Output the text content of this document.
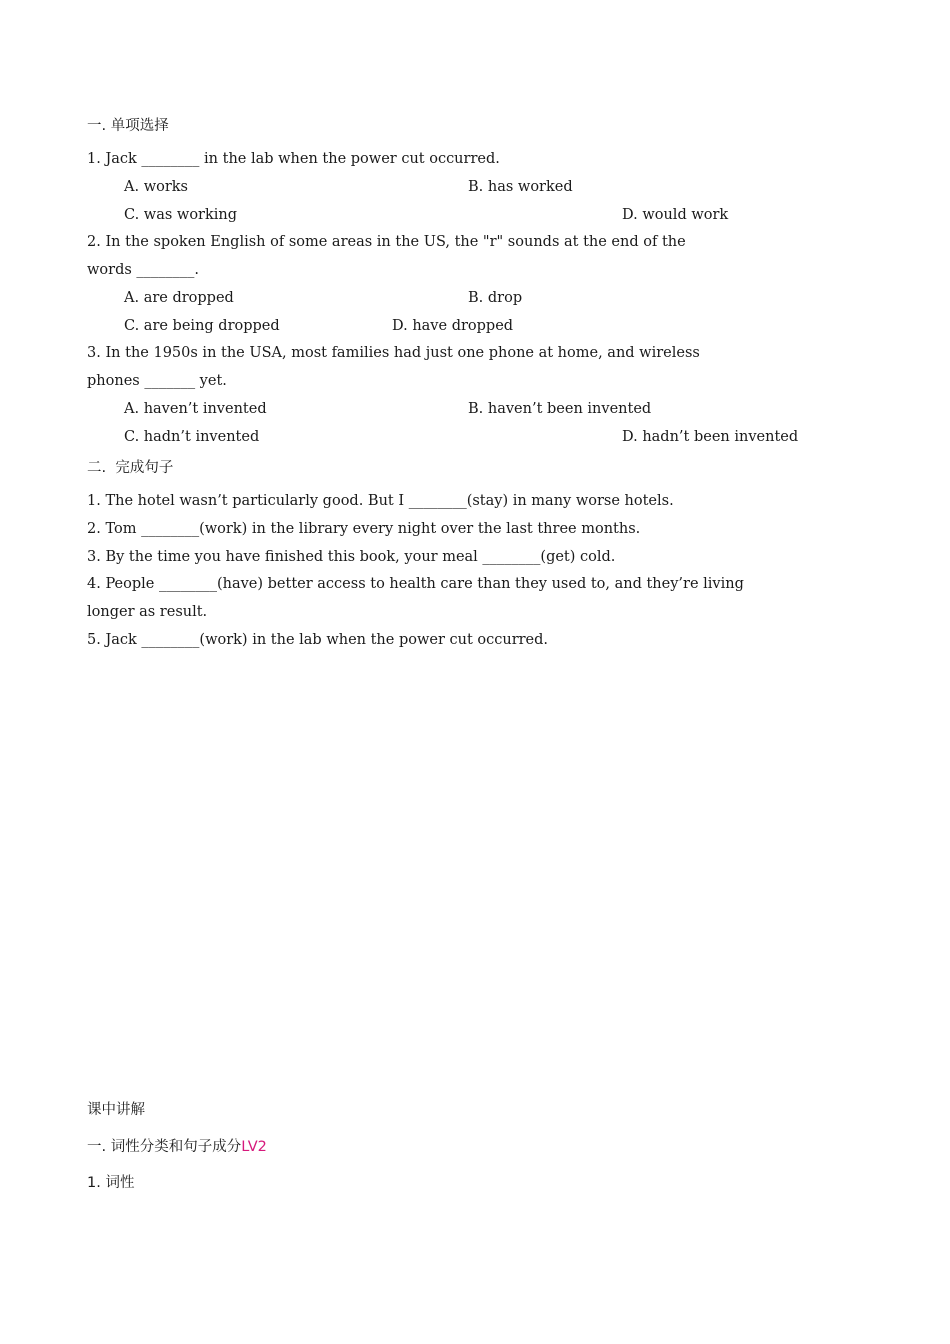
一. 单项选择
1. Jack ________ in the lab when the power cut occurred.
A. works	B. has worked
C. was working	D. would work
2. In the spoken English of some areas in the US, the "r" sounds at the end of the
words ________.
A. are dropped	B. drop
C. are being dropped	D. have dropped
3. In the 1950s in the USA, most families had just one phone at home, and wireless
phones _______ yet.
A. haven’t invented	B. haven’t been invented
C. hadn’t invented	D. hadn’t been invented
二.  完成句子
1. The hotel wasn’t particularly good. But I ________(stay) in many worse hotels.
2. Tom ________(work) in the library every night over the last three months.
3. By the time you have finished this book, your meal ________(get) cold.
4. People ________(have) better access to health care than they used to, and they’re living
longer as result.
5. Jack ________(work) in the lab when the power cut occurred.
课中讲解
一. 词性分类和句子成分LV2
1. 词性
